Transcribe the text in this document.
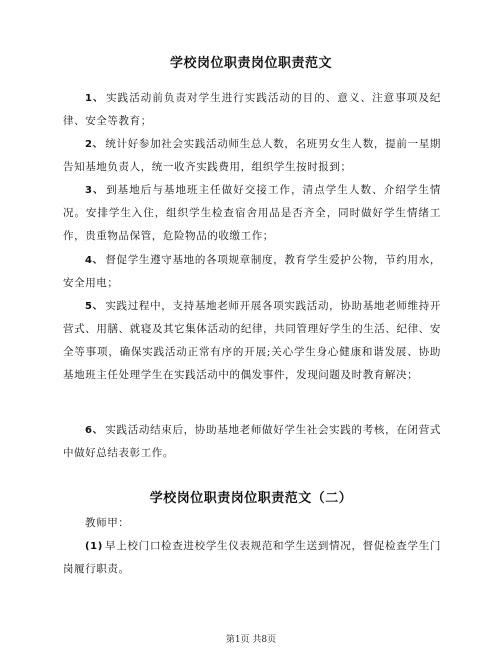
学校岗位职责岗位职责范文
1、 实践活动前负责对学生进行实践活动的目的、意义、注意事项及纪律、安全等教育；
2、 统计好参加社会实践活动师生总人数，名班男女生人数，提前一星期告知基地负责人，统一收齐实践费用，组织学生按时报到；
3、 到基地后与基地班主任做好交接工作，清点学生人数、介绍学生情况。安排学生入住，组织学生检查宿舍用品是否齐全，同时做好学生情绪工作，贵重物品保管，危险物品的收缴工作；
4、 督促学生遵守基地的各项规章制度，教育学生爱护公物，节约用水，安全用电；
5、 实践过程中，支持基地老师开展各项实践活动，协助基地老师维持开营式、用膳、就寝及其它集体活动的纪律，共同管理好学生的生活、纪律、安全等事项，确保实践活动正常有序的开展;关心学生身心健康和谐发展、协助基地班主任处理学生在实践活动中的偶发事件，发现问题及时教育解决；
6、 实践活动结束后，协助基地老师做好学生社会实践的考核，在闭营式中做好总结表彰工作。
学校岗位职责岗位职责范文（二）
教师甲：
(1) 早上校门口检查进校学生仪表规范和学生送到情况，督促检查学生门岗履行职责。
第1页 共8页
